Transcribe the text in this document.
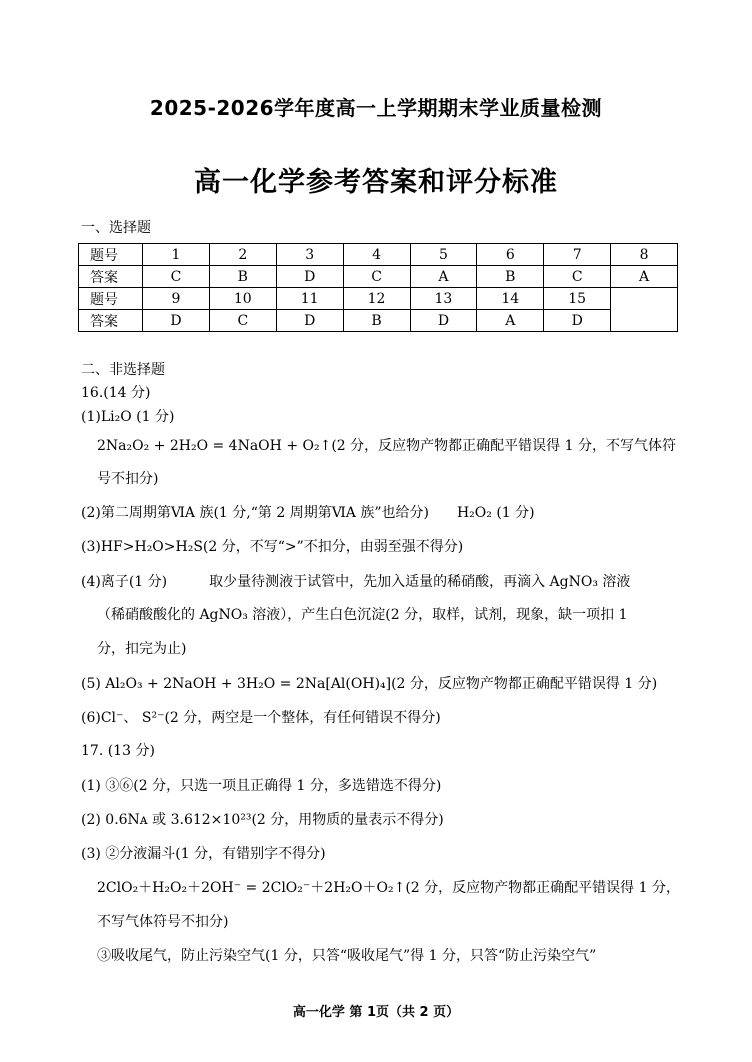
2025-2026学年度高一上学期期末学业质量检测
高一化学参考答案和评分标准
一、选择题
题号	1	2	3	4	5	6	7	8
答案	C	B	D	C	A	B	C	A
题号	9	10	11	12	13	14	15	
答案	D	C	D	B	D	A	D	
二、非选择题
16.(14 分)
(1)Li₂O (1 分)
2Na₂O₂ + 2H₂O = 4NaOH + O₂↑(2 分，反应物产物都正确配平错误得 1 分，不写气体符
号不扣分)
(2)第二周期第ⅥA 族(1 分,“第 2 周期第ⅥA 族”也给分)　　H₂O₂ (1 分)
(3)HF>H₂O>H₂S(2 分，不写“>”不扣分，由弱至强不得分)
(4)离子(1 分)　　　取少量待测液于试管中，先加入适量的稀硝酸，再滴入 AgNO₃ 溶液
（稀硝酸酸化的 AgNO₃ 溶液），产生白色沉淀(2 分，取样，试剂，现象，缺一项扣 1
分，扣完为止)
(5) Al₂O₃ + 2NaOH + 3H₂O = 2Na[Al(OH)₄](2 分，反应物产物都正确配平错误得 1 分)
(6)Cl⁻、 S²⁻(2 分，两空是一个整体，有任何错误不得分)
17. (13 分)
(1) ③⑥(2 分，只选一项且正确得 1 分，多选错选不得分)
(2) 0.6Nᴀ 或 3.612×10²³(2 分，用物质的量表示不得分)
(3) ②分液漏斗(1 分，有错别字不得分)
2ClO₂＋H₂O₂＋2OH⁻ = 2ClO₂⁻＋2H₂O＋O₂↑(2 分，反应物产物都正确配平错误得 1 分，
不写气体符号不扣分)
③吸收尾气，防止污染空气(1 分，只答“吸收尾气”得 1 分，只答“防止污染空气”
高一化学 第 1页（共 2 页）
